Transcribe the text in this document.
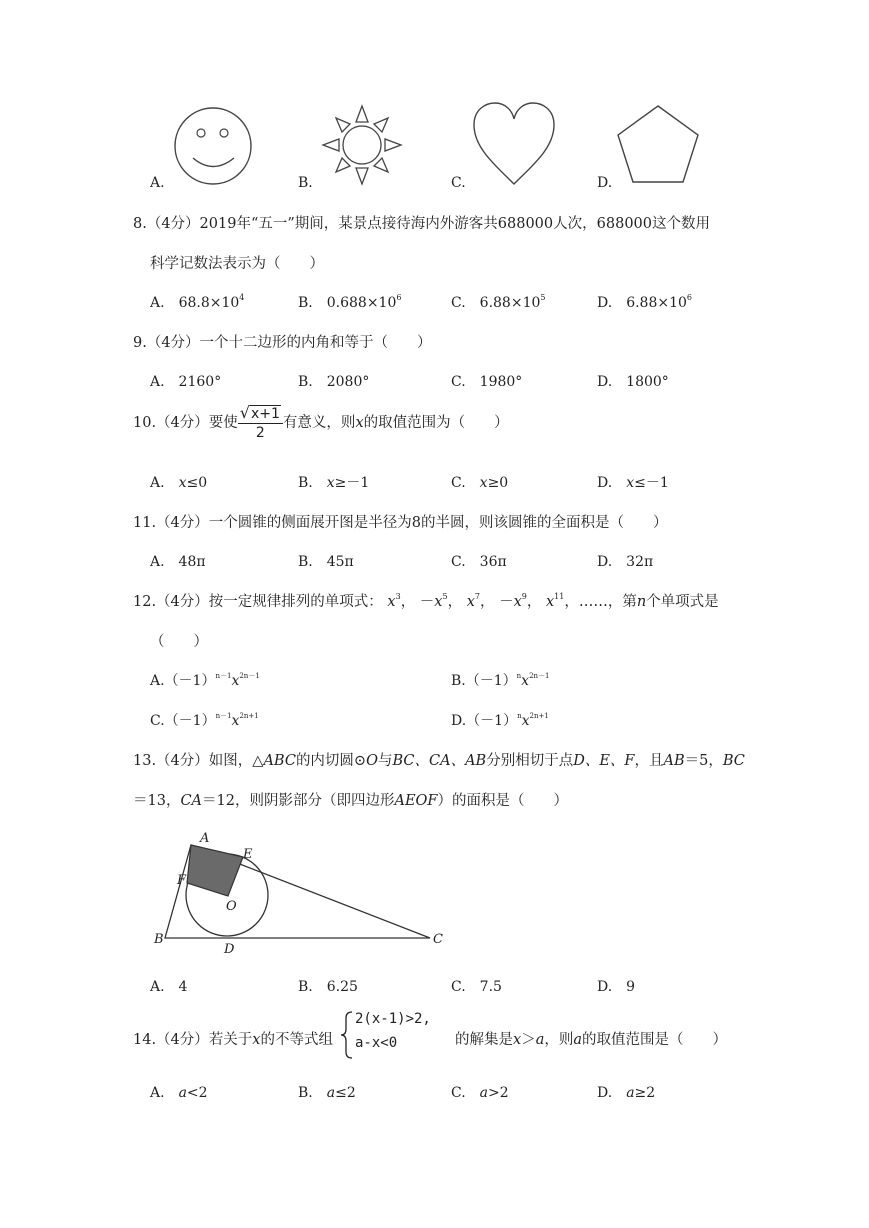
A.	B.	C.	D.
8.（4分）2019年“五一”期间，某景点接待海内外游客共688000人次，688000这个数用
科学记数法表示为（　　）
A.　 $68.8\times 10^4$	B.　 $0.688\times 10^6$	C.　 $6.88\times 10^5$	D.　 $6.88\times 10^6$
9.（4分）一个十二边形的内角和等于（　　）
A.　2160°	B.　2080°	C.　1980°	D.　1800°
10.（4分）要使 $\frac{√x+1}{2}$ 有意义，则x的取值范围为（　　）
A.　 x≤0	B.　 x≥－1	C.　 x≥0	D.　 x≤－1
11.（4分）一个圆锥的侧面展开图是半径为8的半圆，则该圆锥的全面积是（　　）
A.　48π	B.　45π	C.　36π	D.　32π
12.（4分）按一定规律排列的单项式： $x^3$， $-x^5$， $x^7$， $-x^9$， $x^{11}$，……，第n个单项式是
（　　）
$A.(-1)^{n-1}x^{2n-1}$	$B.(-1)^nx^{2n-1}$
$C.(-1)^{n-1}x^{2n+1}$	$D.(-1)^nx^{2n+1}$
13.（4分）如图，△ABC的内切圆⊙O与BC、CA、AB分别相切于点D、E、F，且AB＝5，BC
＝13，CA＝12，则阴影部分（即四边形AEOF）的面积是（　　）
A
E
F
O
B
D
C
A.　4	B.　6.25	C.　7.5	D.　9
14.（4分）若关于x的不等式组
2(x-1)>2,
a-x<0	的解集是x＞a，则a的取值范围是（　　）
A.　 a<2	B.　 a≤2	C.　 a>2	D.　 a≥2
